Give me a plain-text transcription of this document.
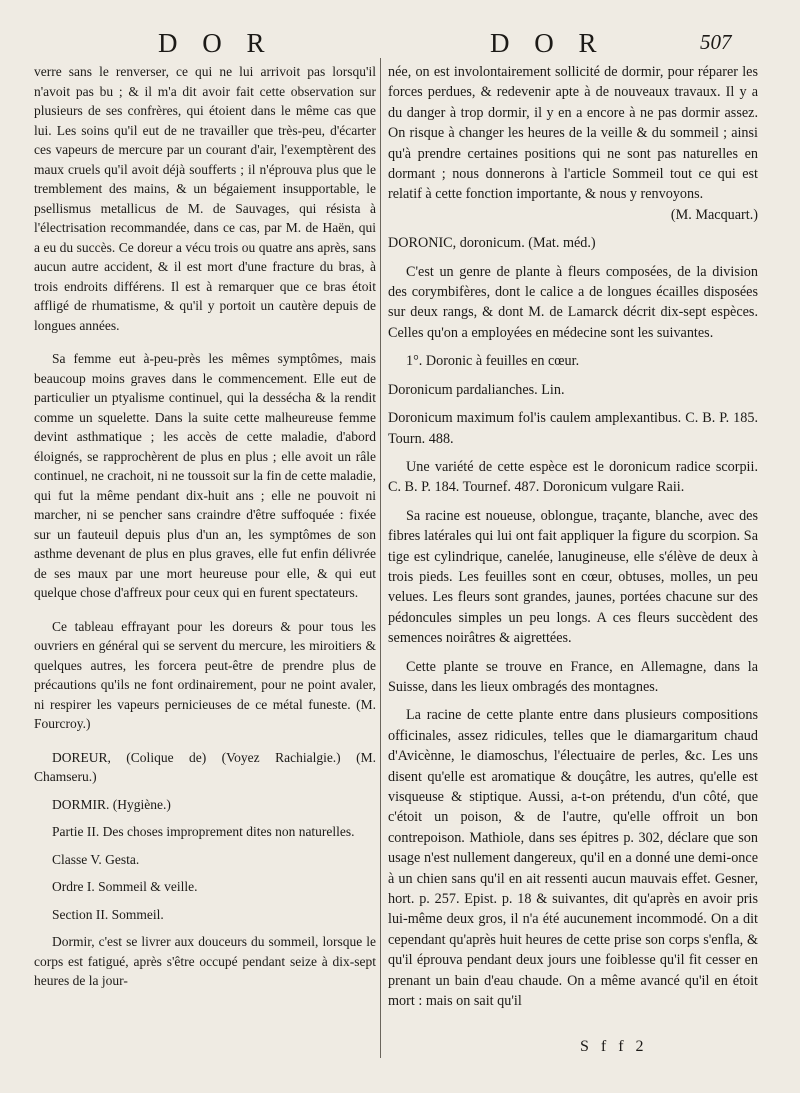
D O R	D O R	507

verre sans le renverser, ce qui ne lui arrivoit pas lorsqu'il n'avoit pas bu ; & il m'a dit avoir fait cette observation sur plusieurs de ses confrères, qui étoient dans le même cas que lui. Les soins qu'il eut de ne travailler que très-peu, d'écarter ces vapeurs de mercure par un courant d'air, l'exemptèrent des maux cruels qu'il avoit déjà soufferts ; il n'éprouva plus que le tremblement des mains, & un bégaiement insupportable, le psellismus metallicus de M. de Sauvages, qui résista à l'électrisation recommandée, dans ce cas, par M. de Haën, qui a eu du succès. Ce doreur a vécu trois ou quatre ans après, sans aucun autre accident, & il est mort d'une fracture du bras, à trois endroits différens. Il est à remarquer que ce bras étoit affligé de rhumatisme, & qu'il y portoit un cautère depuis de longues années.

Sa femme eut à-peu-près les mêmes symptômes, mais beaucoup moins graves dans le commencement. Elle eut de particulier un ptyalisme continuel, qui la dessécha & la rendit comme un squelette. Dans la suite cette malheureuse femme devint asthmatique ; les accès de cette maladie, d'abord éloignés, se rapprochèrent de plus en plus ; elle avoit un râle continuel, ne crachoit, ni ne toussoit sur la fin de cette maladie, qui fut la même pendant dix-huit ans ; elle ne pouvoit ni marcher, ni se pencher sans craindre d'être suffoquée : fixée sur un fauteuil depuis plus d'un an, les symptômes de son asthme devenant de plus en plus graves, elle fut enfin délivrée de ses maux par une mort heureuse pour elle, & qui eut quelque chose d'affreux pour ceux qui en furent spectateurs.

Ce tableau effrayant pour les doreurs & pour tous les ouvriers en général qui se servent du mercure, les miroitiers & quelques autres, les forcera peut-être de prendre plus de précautions qu'ils ne font ordinairement, pour ne point avaler, ni respirer les vapeurs pernicieuses de ce métal funeste. (M. Fourcroy.)

DOREUR, (Colique de) (Voyez Rachialgie.) (M. Chamseru.)

DORMIR. (Hygiène.)

Partie II. Des choses improprement dites non naturelles.

Classe V. Gesta.

Ordre I. Sommeil & veille.

Section II. Sommeil.

Dormir, c'est se livrer aux douceurs du sommeil, lorsque le corps est fatigué, après s'être occupé pendant seize à dix-sept heures de la jour-

née, on est involontairement sollicité de dormir, pour réparer les forces perdues, & redevenir apte à de nouveaux travaux. Il y a du danger à trop dormir, il y en a encore à ne pas dormir assez. On risque à changer les heures de la veille & du sommeil ; ainsi qu'à prendre certaines positions qui ne sont pas naturelles en dormant ; nous donnerons à l'article Sommeil tout ce qui est relatif à cette fonction importante, & nous y renvoyons.

(M. Macquart.)

DORONIC, doronicum. (Mat. méd.)

C'est un genre de plante à fleurs composées, de la division des corymbifères, dont le calice a de longues écailles disposées sur deux rangs, & dont M. de Lamarck décrit dix-sept espèces. Celles qu'on a employées en médecine sont les suivantes.

1°. Doronic à feuilles en cœur.

Doronicum pardalianches. Lin.

Doronicum maximum fol'is caulem amplexantibus. C. B. P. 185. Tourn. 488.

Une variété de cette espèce est le doronicum radice scorpii. C. B. P. 184. Tournef. 487. Doronicum vulgare Raii.

Sa racine est noueuse, oblongue, traçante, blanche, avec des fibres latérales qui lui ont fait appliquer la figure du scorpion. Sa tige est cylindrique, canelée, lanugineuse, elle s'élève de deux à trois pieds. Les feuilles sont en cœur, obtuses, molles, un peu velues. Les fleurs sont grandes, jaunes, portées chacune sur des pédoncules simples un peu longs. A ces fleurs succèdent des semences noirâtres & aigrettées.

Cette plante se trouve en France, en Allemagne, dans la Suisse, dans les lieux ombragés des montagnes.

La racine de cette plante entre dans plusieurs compositions officinales, assez ridicules, telles que le diamargaritum chaud d'Avicènne, le diamoschus, l'électuaire de perles, &c. Les uns disent qu'elle est aromatique & douçâtre, les autres, qu'elle est visqueuse & stiptique. Aussi, a-t-on prétendu, d'un côté, que c'étoit un poison, & de l'autre, qu'elle offroit un bon contrepoison. Mathiole, dans ses épitres p. 302, déclare que son usage n'est nullement dangereux, qu'il en a donné une demi-once à un chien sans qu'il en ait ressenti aucun mauvais effet. Gesner, hort. p. 257. Epist. p. 18 & suivantes, dit qu'après en avoir pris lui-même deux gros, il n'a été aucunement incommodé. On a dit cependant qu'après huit heures de cette prise son corps s'enfla, & qu'il éprouva pendant deux jours une foiblesse qu'il fit cesser en prenant un bain d'eau chaude. On a même avancé qu'il en étoit mort : mais on sait qu'il

S f f 2
